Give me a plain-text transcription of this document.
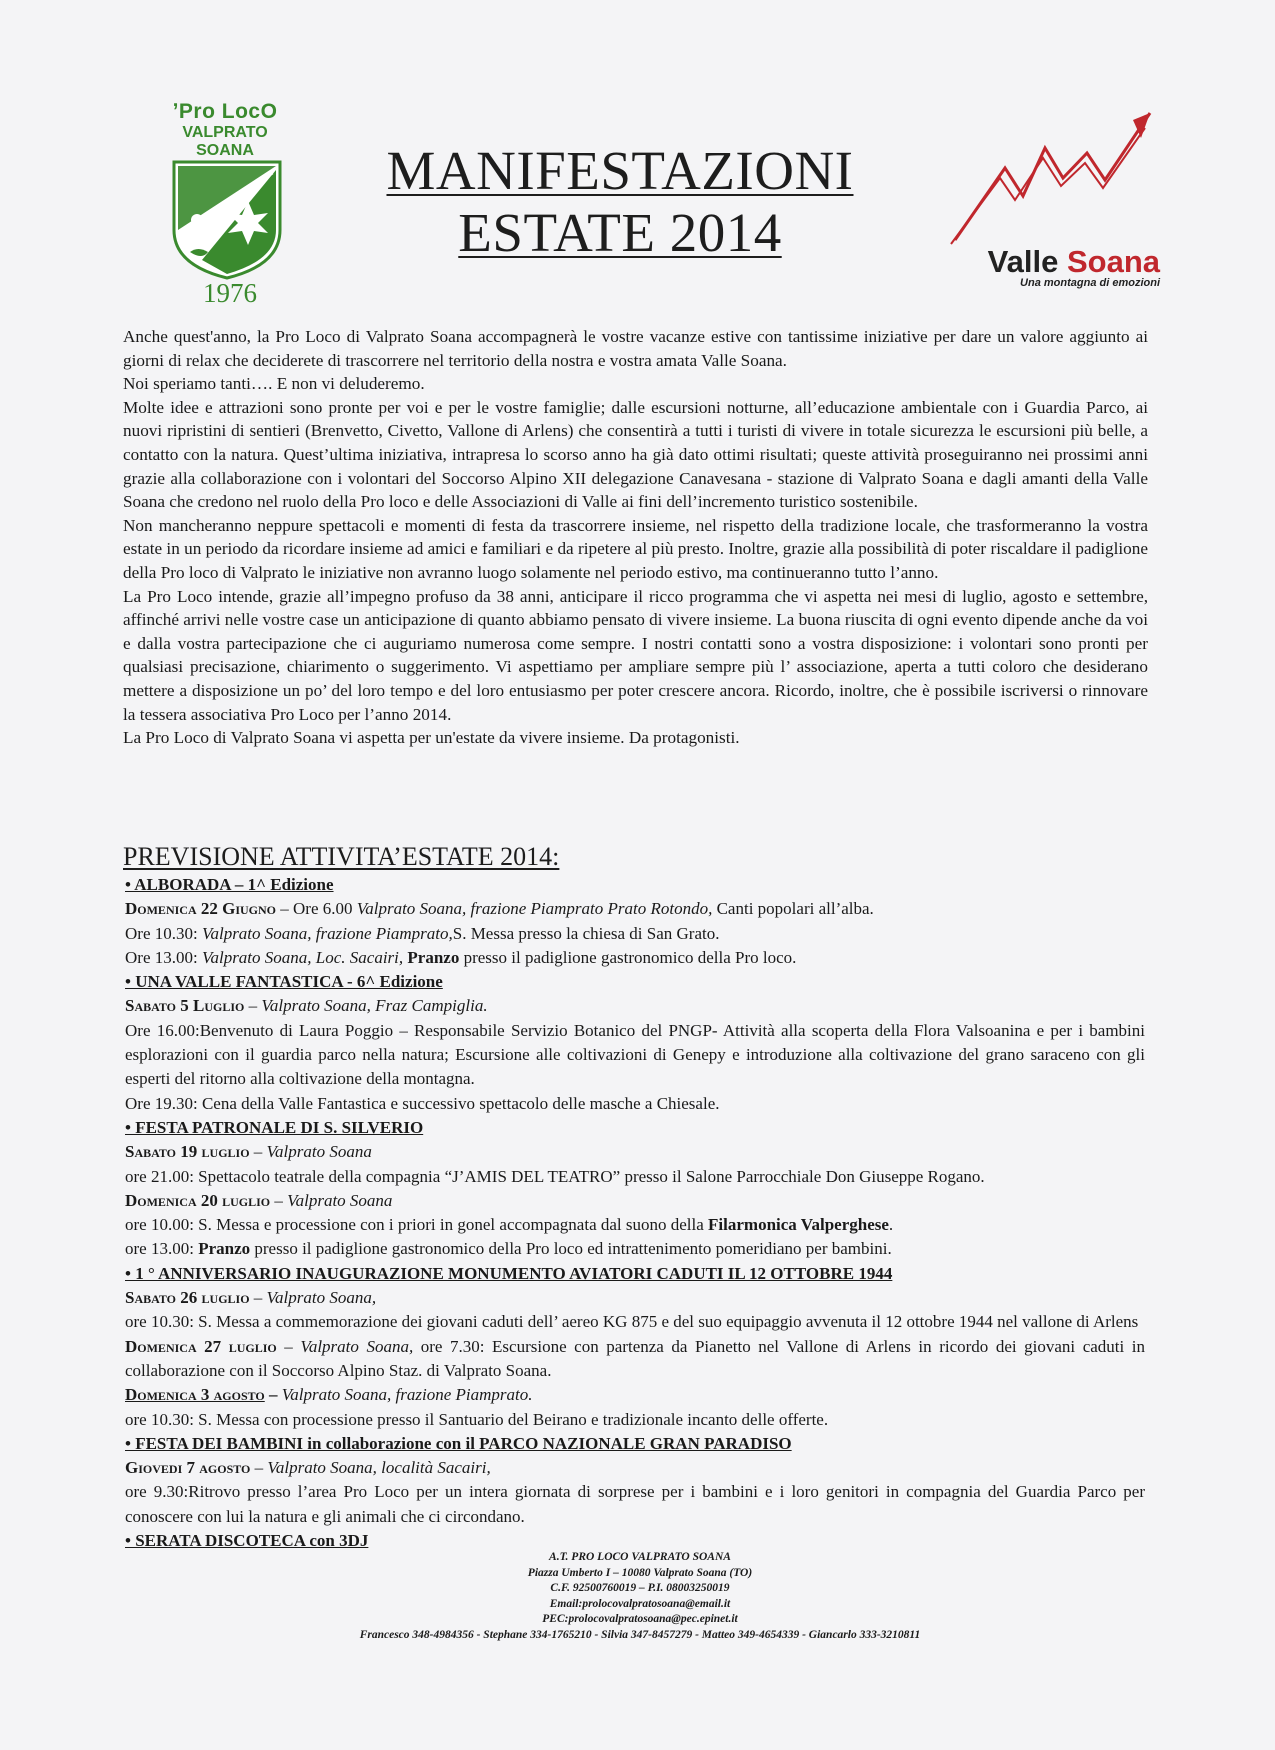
ʼPro LocO
VALPRATO
SOANA
1976
MANIFESTAZIONI
ESTATE 2014	Valle Soana
Una montagna di emozioni

Anche quest'anno, la Pro Loco di Valprato Soana accompagnerà le vostre vacanze estive con tantissime iniziative per dare un valore aggiunto ai giorni di relax che deciderete di trascorrere nel territorio della nostra e vostra amata Valle Soana.

Noi speriamo tanti…. E non vi deluderemo.

Molte idee e attrazioni sono pronte per voi e per le vostre famiglie; dalle escursioni notturne, all’educazione ambientale con i Guardia Parco, ai nuovi ripristini di sentieri (Brenvetto, Civetto, Vallone di Arlens) che consentirà a tutti i turisti di vivere in totale sicurezza le escursioni più belle, a contatto con la natura. Quest’ultima iniziativa, intrapresa lo scorso anno ha già dato ottimi risultati; queste attività proseguiranno nei prossimi anni grazie alla collaborazione con i volontari del Soccorso Alpino XII delegazione Canavesana - stazione di Valprato Soana e dagli amanti della Valle Soana che credono nel ruolo della Pro loco e delle Associazioni di Valle ai fini dell’incremento turistico sostenibile.

Non mancheranno neppure spettacoli e momenti di festa da trascorrere insieme, nel rispetto della tradizione locale, che trasformeranno la vostra estate in un periodo da ricordare insieme ad amici e familiari e da ripetere al più presto. Inoltre, grazie alla possibilità di poter riscaldare il padiglione della Pro loco di Valprato le iniziative non avranno luogo solamente nel periodo estivo, ma continueranno tutto l’anno.

La Pro Loco intende, grazie all’impegno profuso da 38 anni, anticipare il ricco programma che vi aspetta nei mesi di luglio, agosto e settembre, affinché arrivi nelle vostre case un anticipazione di quanto abbiamo pensato di vivere insieme. La buona riuscita di ogni evento dipende anche da voi e dalla vostra partecipazione che ci auguriamo numerosa come sempre. I nostri contatti sono a vostra disposizione: i volontari sono pronti per qualsiasi precisazione, chiarimento o suggerimento. Vi aspettiamo per ampliare sempre più l’ associazione, aperta a tutti coloro che desiderano mettere a disposizione un po’ del loro tempo e del loro entusiasmo per poter crescere ancora. Ricordo, inoltre, che è possibile iscriversi o rinnovare la tessera associativa Pro Loco per l’anno 2014.

La Pro Loco di Valprato Soana vi aspetta per un'estate da vivere insieme. Da protagonisti.

PREVISIONE ATTIVITA’ESTATE 2014:
• ALBORADA – 1^ Edizione
Domenica 22 Giugno – Ore 6.00 Valprato Soana, frazione Piamprato Prato Rotondo, Canti popolari all’alba.
Ore 10.30: Valprato Soana, frazione Piamprato,S. Messa presso la chiesa di San Grato.
Ore 13.00: Valprato Soana, Loc. Sacairi, Pranzo presso il padiglione gastronomico della Pro loco.
• UNA VALLE FANTASTICA - 6^ Edizione
Sabato 5 Luglio – Valprato Soana, Fraz Campiglia.
Ore 16.00:Benvenuto di Laura Poggio – Responsabile Servizio Botanico del PNGP- Attività alla scoperta della Flora Valsoanina e per i bambini esplorazioni con il guardia parco nella natura; Escursione alle coltivazioni di Genepy e introduzione alla coltivazione del grano saraceno con gli esperti del ritorno alla coltivazione della montagna.
Ore 19.30: Cena della Valle Fantastica e successivo spettacolo delle masche a Chiesale.
• FESTA PATRONALE DI S. SILVERIO
Sabato 19 luglio – Valprato Soana
ore 21.00: Spettacolo teatrale della compagnia “J’AMIS DEL TEATRO” presso il Salone Parrocchiale Don Giuseppe Rogano.
Domenica 20 luglio – Valprato Soana
ore 10.00: S. Messa e processione con i priori in gonel accompagnata dal suono della Filarmonica Valperghese.
ore 13.00: Pranzo presso il padiglione gastronomico della Pro loco ed intrattenimento pomeridiano per bambini.
• 1 ° ANNIVERSARIO INAUGURAZIONE MONUMENTO AVIATORI CADUTI IL 12 OTTOBRE 1944
Sabato 26 luglio – Valprato Soana,
ore 10.30: S. Messa a commemorazione dei giovani caduti dell’ aereo KG 875 e del suo equipaggio avvenuta il 12 ottobre 1944 nel vallone di Arlens
Domenica 27 luglio – Valprato Soana, ore 7.30: Escursione con partenza da Pianetto nel Vallone di Arlens in ricordo dei giovani caduti in collaborazione con il Soccorso Alpino Staz. di Valprato Soana.
Domenica 3 agosto – Valprato Soana, frazione Piamprato.
ore 10.30: S. Messa con processione presso il Santuario del Beirano e tradizionale incanto delle offerte.
• FESTA DEI BAMBINI in collaborazione con il PARCO NAZIONALE GRAN PARADISO
Giovedi 7 agosto – Valprato Soana, località Sacairi,
ore 9.30:Ritrovo presso l’area Pro Loco per un intera giornata di sorprese per i bambini e i loro genitori in compagnia del Guardia Parco per conoscere con lui la natura e gli animali che ci circondano.
• SERATA DISCOTECA con 3DJ
A.T. PRO LOCO VALPRATO SOANA
Piazza Umberto I – 10080 Valprato Soana (TO)
C.F. 92500760019 – P.I. 08003250019
Email:prolocovalpratosoana@email.it
PEC:prolocovalpratosoana@pec.epinet.it
Francesco 348-4984356 - Stephane 334-1765210 - Silvia 347-8457279 - Matteo 349-4654339 - Giancarlo 333-3210811
